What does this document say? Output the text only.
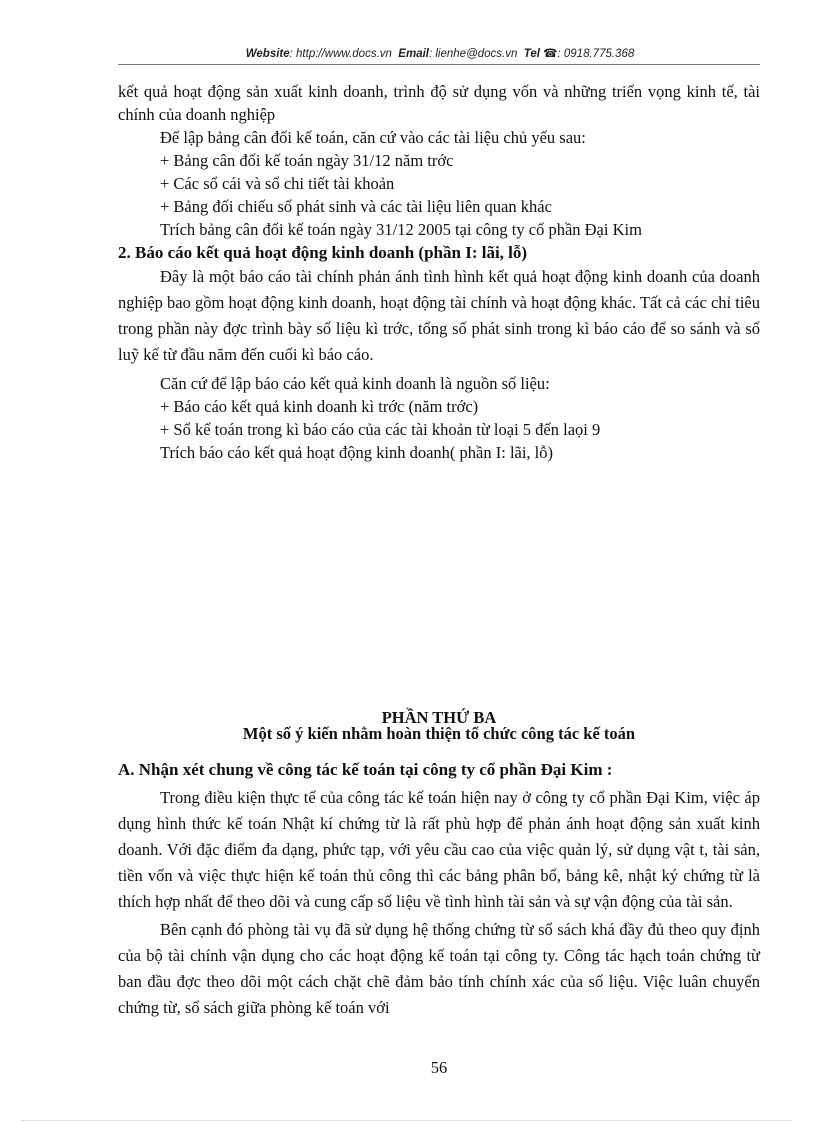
Website: http://www.docs.vn Email: lienhe@docs.vn Tel ☎: 0918.775.368

kết quả hoạt động sản xuất kinh doanh, trình độ sử dụng vốn và những triển vọng kinh tế, tài chính của doanh nghiệp

Để lập bảng cân đối kế toán, căn cứ vào các tài liệu chủ yếu sau:

+ Bảng cân đối kế toán ngày 31/12 năm trớc

+ Các sổ cái và sổ chi tiết tài khoản

+ Bảng đối chiếu số phát sinh và các tài liệu liên quan khác

Trích bảng cân đối kế toán ngày 31/12 2005 tại công ty cổ phần Đại Kim

2. Báo cáo kết quả hoạt động kinh doanh (phần I: lãi, lỗ)

Đây là một báo cáo tài chính phản ánh tình hình kết quả hoạt động kinh doanh của doanh nghiệp bao gồm hoạt động kinh doanh, hoạt động tài chính và hoạt động khác. Tất cả các chỉ tiêu trong phần này đợc trình bày số liệu kì trớc, tổng số phát sinh trong kì báo cáo để so sánh và số luỹ kế từ đầu năm đến cuối kì báo cáo.

Căn cứ để lập báo cáo kết quả kinh doanh là nguồn số liệu:

+ Báo cáo kết quả kinh doanh kì trớc (năm trớc)

+ Sổ kế toán trong kì báo cáo của các tài khoản từ loại 5 đến laọi 9

Trích báo cáo kết quả hoạt động kinh doanh( phần I: lãi, lỗ)

PHẦN THỨ BA
Một số ý kiến nhằm hoàn thiện tổ chức công tác kế toán
A. Nhận xét chung về công tác kế toán tại công ty cổ phần Đại Kim :

Trong điều kiện thực tế của công tác kế toán hiện nay ở công ty cổ phần Đại Kim, việc áp dụng hình thức kế toán Nhật kí chứng từ là rất phù hợp để phản ánh hoạt động sản xuất kinh doanh. Với đặc điểm đa dạng, phức tạp, với yêu cầu cao của việc quản lý, sử dụng vật t, tài sản, tiền vốn và việc thực hiện kế toán thủ công thì các bảng phân bổ, bảng kê, nhật ký chứng từ là thích hợp nhất để theo dõi và cung cấp số liệu về tình hình tài sản và sự vận động của tài sản.

Bên cạnh đó phòng tài vụ đã sử dụng hệ thống chứng từ sổ sách khá đầy đủ theo quy định của bộ tài chính vận dụng cho các hoạt động kế toán tại công ty. Công tác hạch toán chứng từ ban đầu đợc theo dõi một cách chặt chẽ đảm bảo tính chính xác của số liệu. Việc luân chuyển chứng từ, sổ sách giữa phòng kế toán với

56
